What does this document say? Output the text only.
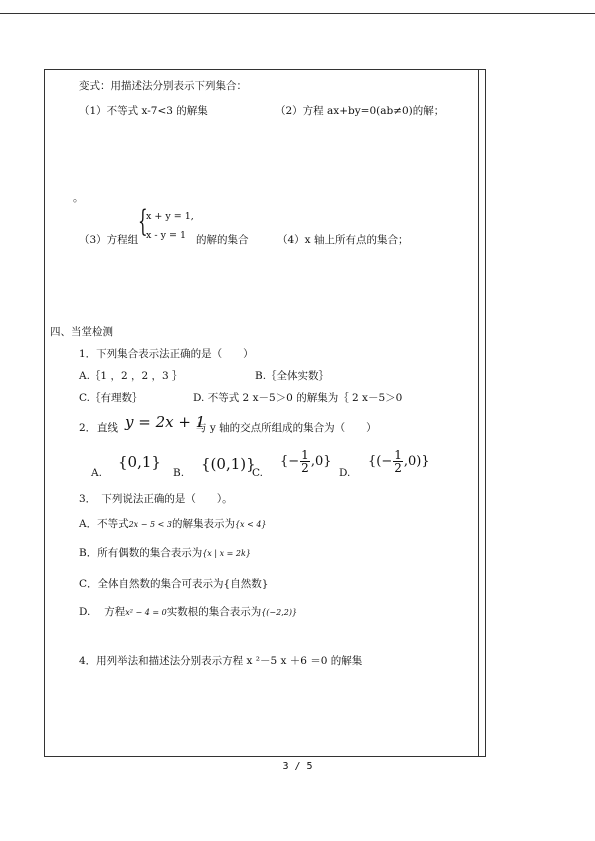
变式：用描述法分别表示下列集合：
（1）不等式 x-7<3 的解集	（2）方程 ax+by=0(ab≠0)的解；
。
（3）方程组
{
x + y = 1,
x - y = 1 的解的集合	（4）x 轴上所有点的集合；
四、当堂检测
1．下列集合表示法正确的是（　　）
A.｛1 ，2 ，2 ，3 ｝	B.｛全体实数｝
C.｛有理数｝	D. 不等式 2 x－5＞0 的解集为｛ 2 x－5＞0
2． 直线 y = 2x + 1
与 y 轴的交点所组成的集合为（　　）
A.
{0,1}
B. {(0,1)}
C.
{− $\frac{1}{2} ,0$}
D.
{(− $\frac{1}{2} ,0$)}
3．　下列说法正确的是（　　）。
A．不等式2x − 5 < 3的解集表示为{x < 4}
B．所有偶数的集合表示为{x | x = 2k}
C．全体自然数的集合可表示为{自然数}
D.　 方程x² − 4 = 0实数根的集合表示为{(−2,2)}
4．用列举法和描述法分别表示方程 x ²－5 x ＋6 ＝0 的解集
3 / 5
